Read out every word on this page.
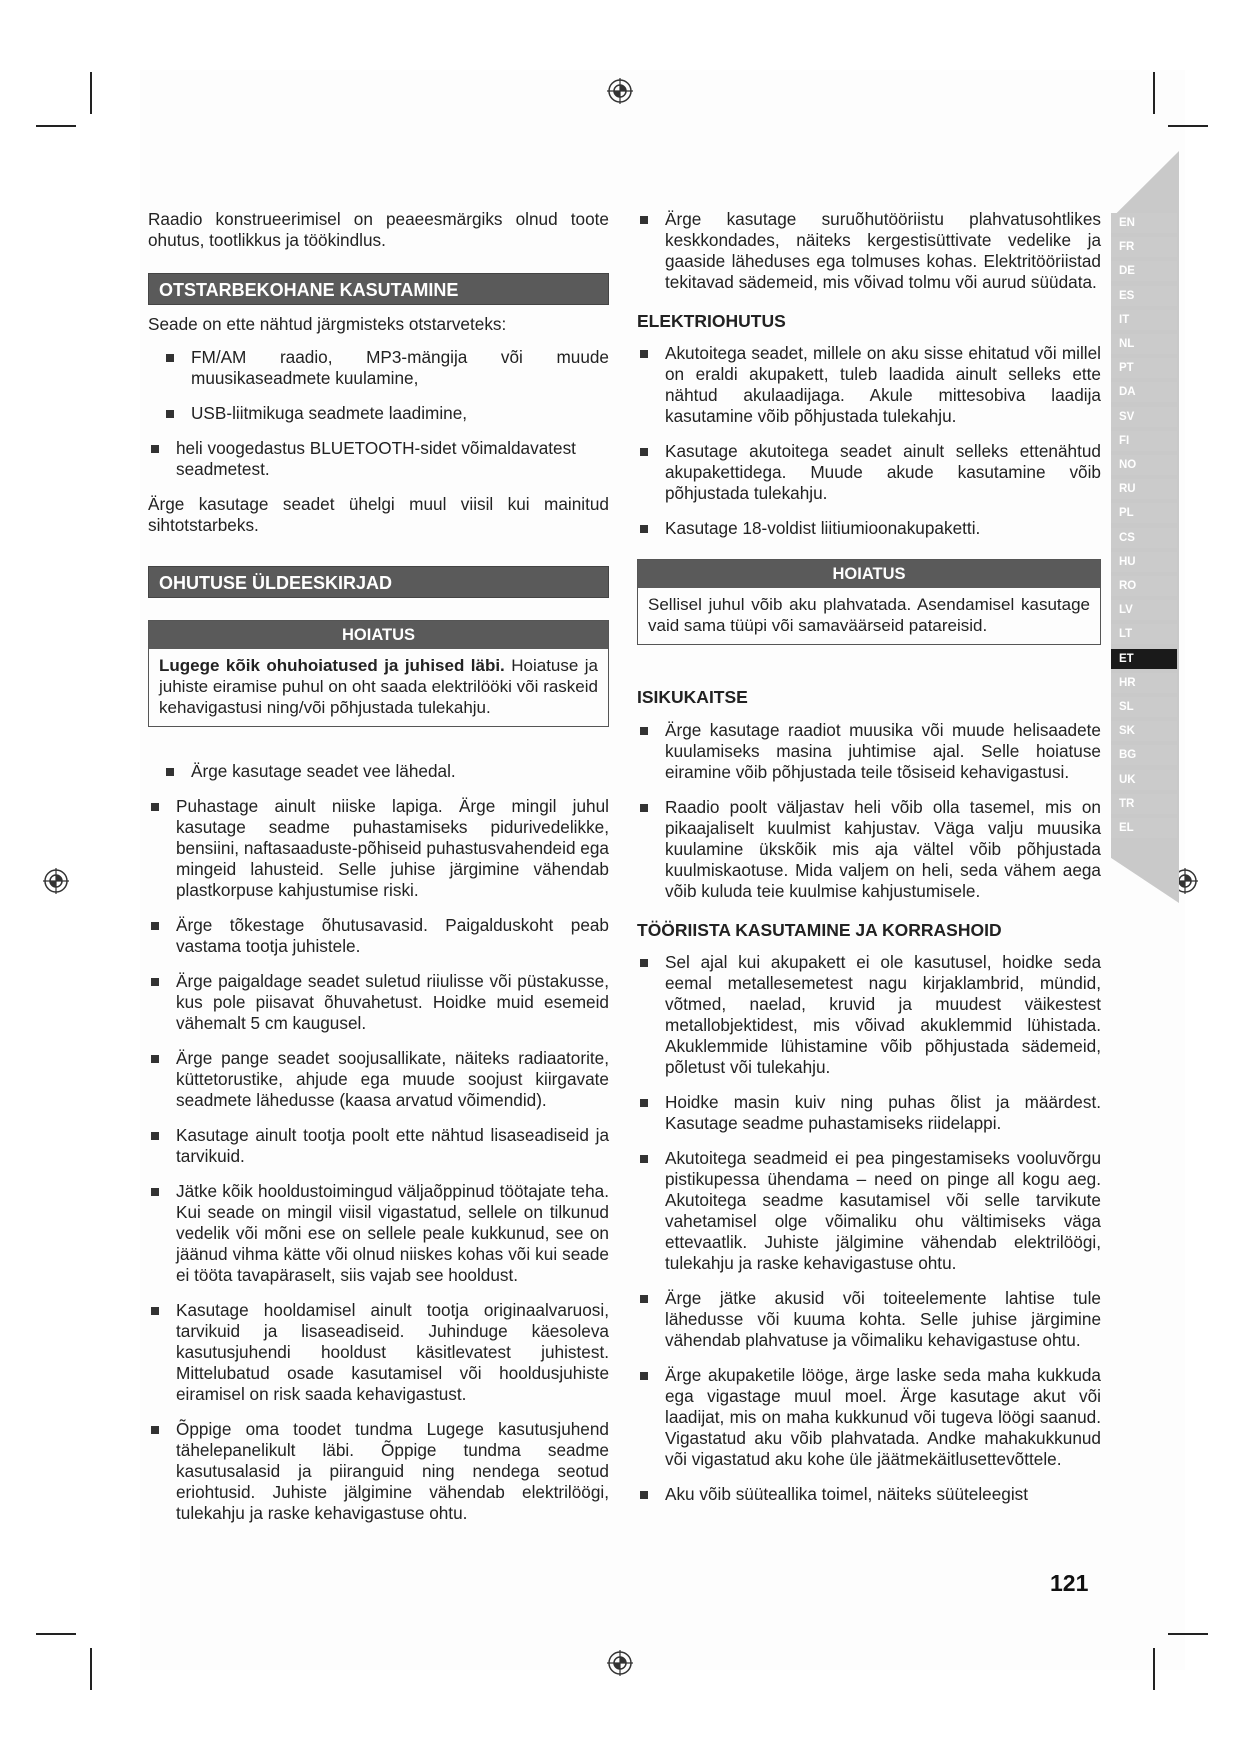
EN
FR
DE
ES
IT
NL
PT
DA
SV
FI
NO
RU
PL
CS
HU
RO
LV
LT
ET
HR
SL
SK
BG
UK
TR
EL

Raadio konstrueerimisel on peaeesmärgiks olnud toote ohutus, tootlikkus ja töökindlus.

OTSTARBEKOHANE KASUTAMINE

Seade on ette nähtud järgmisteks otstarveteks:

FM/AM raadio, MP3-mängija või muude muusikaseadmete kuulamine,
USB-liitmikuga seadmete laadimine,
heli voogedastus BLUETOOTH-sidet võimaldavatest seadmetest.

Ärge kasutage seadet ühelgi muul viisil kui mainitud sihtotstarbeks.

OHUTUSE ÜLDEESKIRJAD
HOIATUS
Lugege kõik ohuhoiatused ja juhised läbi. Hoiatuse ja juhiste eiramise puhul on oht saada elektrilööki või raskeid kehavigastusi ning/või põhjustada tulekahju.
Ärge kasutage seadet vee lähedal.
Puhastage ainult niiske lapiga. Ärge mingil juhul kasutage seadme puhastamiseks pidurivedelikke, bensiini, naftasaaduste-põhiseid puhastusvahendeid ega mingeid lahusteid. Selle juhise järgimine vähendab plastkorpuse kahjustumise riski.
Ärge tõkestage õhutusavasid. Paigalduskoht peab vastama tootja juhistele.
Ärge paigaldage seadet suletud riiulisse või püstakusse, kus pole piisavat õhuvahetust. Hoidke muid esemeid vähemalt 5 cm kaugusel.
Ärge pange seadet soojusallikate, näiteks radiaatorite, küttetorustike, ahjude ega muude soojust kiirgavate seadmete lähedusse (kaasa arvatud võimendid).
Kasutage ainult tootja poolt ette nähtud lisaseadiseid ja tarvikuid.
Jätke kõik hooldustoimingud väljaõppinud töötajate teha. Kui seade on mingil viisil vigastatud, sellele on tilkunud vedelik või mõni ese on sellele peale kukkunud, see on jäänud vihma kätte või olnud niiskes kohas või kui seade ei tööta tavapäraselt, siis vajab see hooldust.
Kasutage hooldamisel ainult tootja originaalvaruosi, tarvikuid ja lisaseadiseid. Juhinduge käesoleva kasutusjuhendi hooldust käsitlevatest juhistest. Mittelubatud osade kasutamisel või hooldusjuhiste eiramisel on risk saada kehavigastust.
Õppige oma toodet tundma Lugege kasutusjuhend tähelepanelikult läbi. Õppige tundma seadme kasutusalasid ja piiranguid ning nendega seotud eriohtusid. Juhiste jälgimine vähendab elektrilöögi, tulekahju ja raske kehavigastuse ohtu.
Ärge kasutage suruõhutööriistu plahvatusohtlikes keskkondades, näiteks kergestisüttivate vedelike ja gaaside läheduses ega tolmuses kohas. Elektritööriistad tekitavad sädemeid, mis võivad tolmu või aurud süüdata.
ELEKTRIOHUTUS
Akutoitega seadet, millele on aku sisse ehitatud või millel on eraldi akupakett, tuleb laadida ainult selleks ette nähtud akulaadijaga. Akule mittesobiva laadija kasutamine võib põhjustada tulekahju.
Kasutage akutoitega seadet ainult selleks ettenähtud akupakettidega. Muude akude kasutamine võib põhjustada tulekahju.
Kasutage 18-voldist liitiumioonakupaketti.
HOIATUS
Sellisel juhul võib aku plahvatada. Asendamisel kasutage vaid sama tüüpi või samaväärseid patareisid.
ISIKUKAITSE
Ärge kasutage raadiot muusika või muude helisaadete kuulamiseks masina juhtimise ajal. Selle hoiatuse eiramine võib põhjustada teile tõsiseid kehavigastusi.
Raadio poolt väljastav heli võib olla tasemel, mis on pikaajaliselt kuulmist kahjustav. Väga valju muusika kuulamine ükskõik mis aja vältel võib põhjustada kuulmiskaotuse. Mida valjem on heli, seda vähem aega võib kuluda teie kuulmise kahjustumisele.
TÖÖRIISTA KASUTAMINE JA KORRASHOID
Sel ajal kui akupakett ei ole kasutusel, hoidke seda eemal metallesemetest nagu kirjaklambrid, mündid, võtmed, naelad, kruvid ja muudest väikestest metallobjektidest, mis võivad akuklemmid lühistada. Akuklemmide lühistamine võib põhjustada sädemeid, põletust või tulekahju.
Hoidke masin kuiv ning puhas õlist ja määrdest. Kasutage seadme puhastamiseks riidelappi.
Akutoitega seadmeid ei pea pingestamiseks vooluvõrgu pistikupessa ühendama – need on pinge all kogu aeg. Akutoitega seadme kasutamisel või selle tarvikute vahetamisel olge võimaliku ohu vältimiseks väga ettevaatlik. Juhiste jälgimine vähendab elektrilöögi, tulekahju ja raske kehavigastuse ohtu.
Ärge jätke akusid või toiteelemente lahtise tule lähedusse või kuuma kohta. Selle juhise järgimine vähendab plahvatuse ja võimaliku kehavigastuse ohtu.
Ärge akupaketile lööge, ärge laske seda maha kukkuda ega vigastage muul moel. Ärge kasutage akut või laadijat, mis on maha kukkunud või tugeva löögi saanud. Vigastatud aku võib plahvatada. Andke mahakukkunud või vigastatud aku kohe üle jäätmekäitlusettevõttele.
Aku võib süüteallika toimel, näiteks süüteleegist
121
